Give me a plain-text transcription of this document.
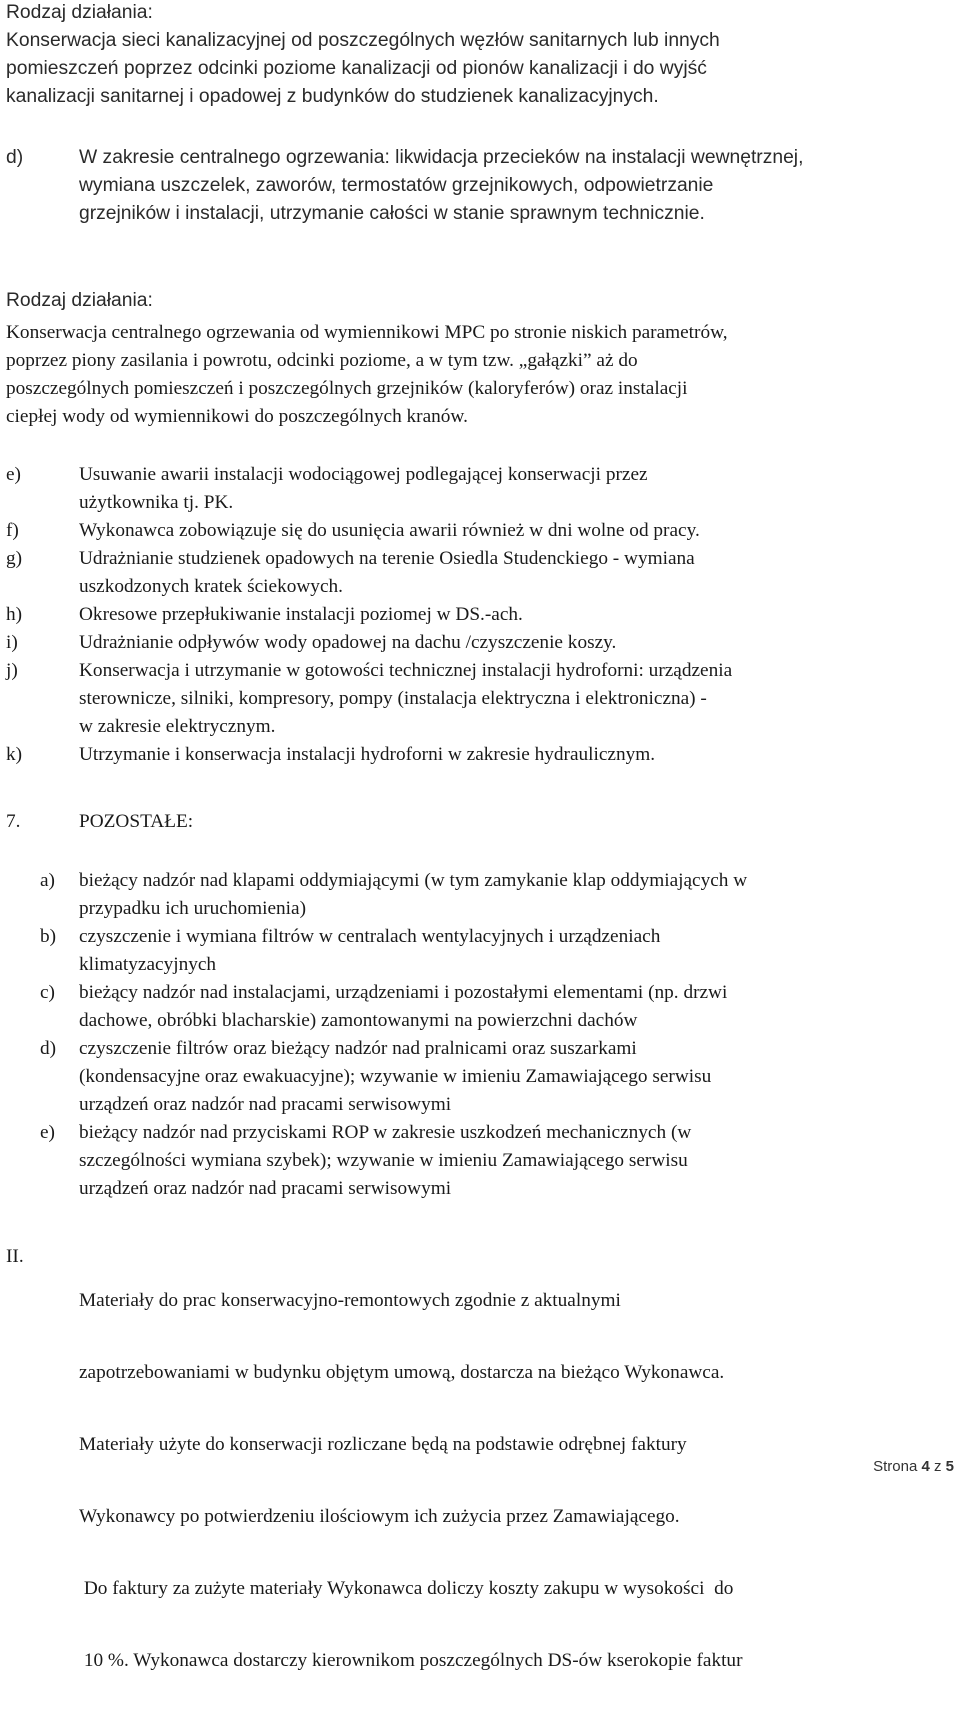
Rodzaj działania:
Konserwacja sieci kanalizacyjnej od poszczególnych węzłów sanitarnych lub innych
pomieszczeń poprzez odcinki poziome kanalizacji od pionów kanalizacji i do wyjść
kanalizacji sanitarnej i opadowej z budynków do studzienek kanalizacyjnych.
d)	W zakresie centralnego ogrzewania: likwidacja przecieków na instalacji wewnętrznej,
wymiana uszczelek, zaworów, termostatów grzejnikowych, odpowietrzanie
grzejników i instalacji, utrzymanie całości w stanie sprawnym technicznie.
Rodzaj działania:
Konserwacja centralnego ogrzewania od wymiennikowi MPC po stronie niskich parametrów,
poprzez piony zasilania i powrotu, odcinki poziome, a w tym tzw. „gałązki” aż do
poszczególnych pomieszczeń i poszczególnych grzejników (kaloryferów) oraz instalacji
ciepłej wody od wymiennikowi do poszczególnych kranów.
e)	Usuwanie awarii instalacji wodociągowej podlegającej konserwacji przez
użytkownika tj. PK.
f)	Wykonawca zobowiązuje się do usunięcia awarii również w dni wolne od pracy.
g)	Udrażnianie studzienek opadowych na terenie Osiedla Studenckiego - wymiana
uszkodzonych kratek ściekowych.
h)	Okresowe przepłukiwanie instalacji poziomej w DS.-ach.
i)	Udrażnianie odpływów wody opadowej na dachu /czyszczenie koszy.
j)	Konserwacja i utrzymanie w gotowości technicznej instalacji hydroforni: urządzenia
sterownicze, silniki, kompresory, pompy (instalacja elektryczna i elektroniczna) -
w zakresie elektrycznym.
k)	Utrzymanie i konserwacja instalacji hydroforni w zakresie hydraulicznym.
7.	POZOSTAŁE:
a) bieżący nadzór nad klapami oddymiającymi (w tym zamykanie klap oddymiających w
przypadku ich uruchomienia)
b) czyszczenie i wymiana filtrów w centralach wentylacyjnych i urządzeniach
klimatyzacyjnych
c) bieżący nadzór nad instalacjami, urządzeniami i pozostałymi elementami (np. drzwi
dachowe, obróbki blacharskie) zamontowanymi na powierzchni dachów
d) czyszczenie filtrów oraz bieżący nadzór nad pralnicami oraz suszarkami
(kondensacyjne oraz ewakuacyjne); wzywanie w imieniu Zamawiającego serwisu
urządzeń oraz nadzór nad pracami serwisowymi
e) bieżący nadzór nad przyciskami ROP w zakresie uszkodzeń mechanicznych (w
szczególności wymiana szybek); wzywanie w imieniu Zamawiającego serwisu
urządzeń oraz nadzór nad pracami serwisowymi
II.

Materiały do prac konserwacyjno-remontowych zgodnie z aktualnymi

zapotrzebowaniami w budynku objętym umową, dostarcza na bieżąco Wykonawca.

Materiały użyte do konserwacji rozliczane będą na podstawie odrębnej faktury

Wykonawcy po potwierdzeniu ilościowym ich zużycia przez Zamawiającego.

Do faktury za zużyte materiały Wykonawca doliczy koszty zakupu w wysokości  do

10 %. Wykonawca dostarczy kierownikom poszczególnych DS-ów kserokopie faktur

Strona 4 z 5
